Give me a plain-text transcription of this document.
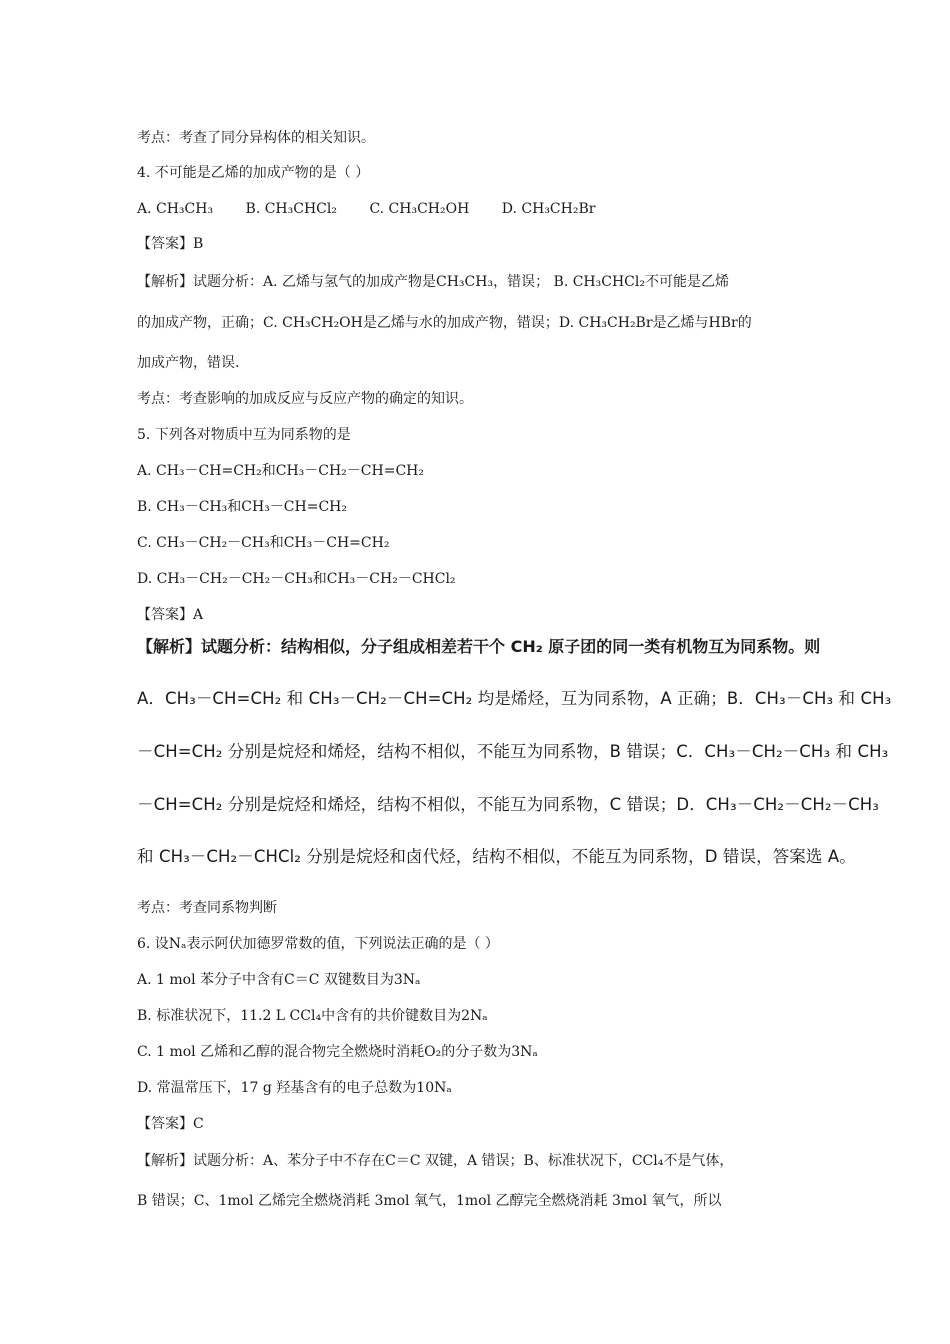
考点：考查了同分异构体的相关知识。
4. 不可能是乙烯的加成产物的是（ ）
A. CH₃CH₃ B. CH₃CHCl₂ C. CH₃CH₂OH D. CH₃CH₂Br
【答案】B
【解析】试题分析：A. 乙烯与氢气的加成产物是CH₃CH₃，错误； B. CH₃CHCl₂不可能是乙烯
的加成产物，正确；C. CH₃CH₂OH是乙烯与水的加成产物，错误；D. CH₃CH₂Br是乙烯与HBr的
加成产物，错误.
考点：考查影响的加成反应与反应产物的确定的知识。
5. 下列各对物质中互为同系物的是
A. CH₃－CH=CH₂和CH₃－CH₂－CH=CH₂
B. CH₃－CH₃和CH₃－CH=CH₂
C. CH₃－CH₂－CH₃和CH₃－CH=CH₂
D. CH₃－CH₂－CH₂－CH₃和CH₃－CH₂－CHCl₂
【答案】A
【解析】试题分析：结构相似，分子组成相差若干个 CH₂ 原子团的同一类有机物互为同系物。则
A．CH₃－CH=CH₂ 和 CH₃－CH₂－CH=CH₂ 均是烯烃，互为同系物，A 正确；B．CH₃－CH₃ 和 CH₃
－CH=CH₂ 分别是烷烃和烯烃，结构不相似，不能互为同系物，B 错误；C．CH₃－CH₂－CH₃ 和 CH₃
－CH=CH₂ 分别是烷烃和烯烃，结构不相似，不能互为同系物，C 错误；D．CH₃－CH₂－CH₂－CH₃
和 CH₃－CH₂－CHCl₂ 分别是烷烃和卤代烃，结构不相似，不能互为同系物，D 错误，答案选 A。
考点：考查同系物判断
6. 设Nₐ表示阿伏加德罗常数的值，下列说法正确的是（ ）
A. 1 mol 苯分子中含有C＝C 双键数目为3Nₐ
B. 标准状况下，11.2 L CCl₄中含有的共价键数目为2Nₐ
C. 1 mol 乙烯和乙醇的混合物完全燃烧时消耗O₂的分子数为3Nₐ
D. 常温常压下，17 g 羟基含有的电子总数为10Nₐ
【答案】C
【解析】试题分析：A、苯分子中不存在C＝C 双键，A 错误；B、标准状况下，CCl₄不是气体，
B 错误；C、1mol 乙烯完全燃烧消耗 3mol 氧气，1mol 乙醇完全燃烧消耗 3mol 氧气，所以
